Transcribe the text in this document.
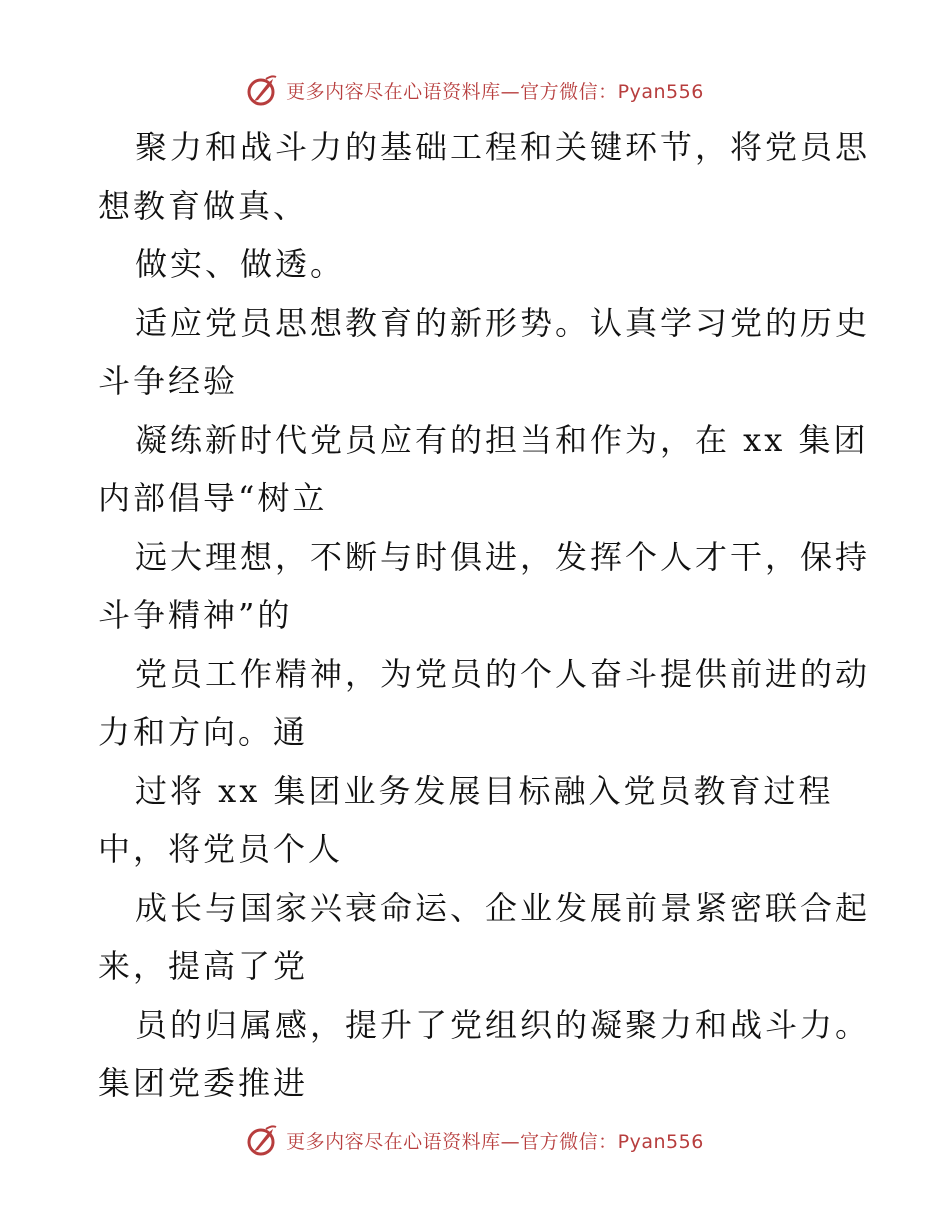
更多内容尽在心语资料库—官方微信：Pyan556
聚力和战斗力的基础工程和关键环节，将党员思
想教育做真、
做实、做透。
适应党员思想教育的新形势。认真学习党的历史
斗争经验
凝练新时代党员应有的担当和作为，在 xx 集团
内部倡导“树立
远大理想，不断与时俱进，发挥个人才干，保持
斗争精神”的
党员工作精神，为党员的个人奋斗提供前进的动
力和方向。通
过将 xx 集团业务发展目标融入党员教育过程
中，将党员个人
成长与国家兴衰命运、企业发展前景紧密联合起
来，提高了党
员的归属感，提升了党组织的凝聚力和战斗力。
集团党委推进
更多内容尽在心语资料库—官方微信：Pyan556
